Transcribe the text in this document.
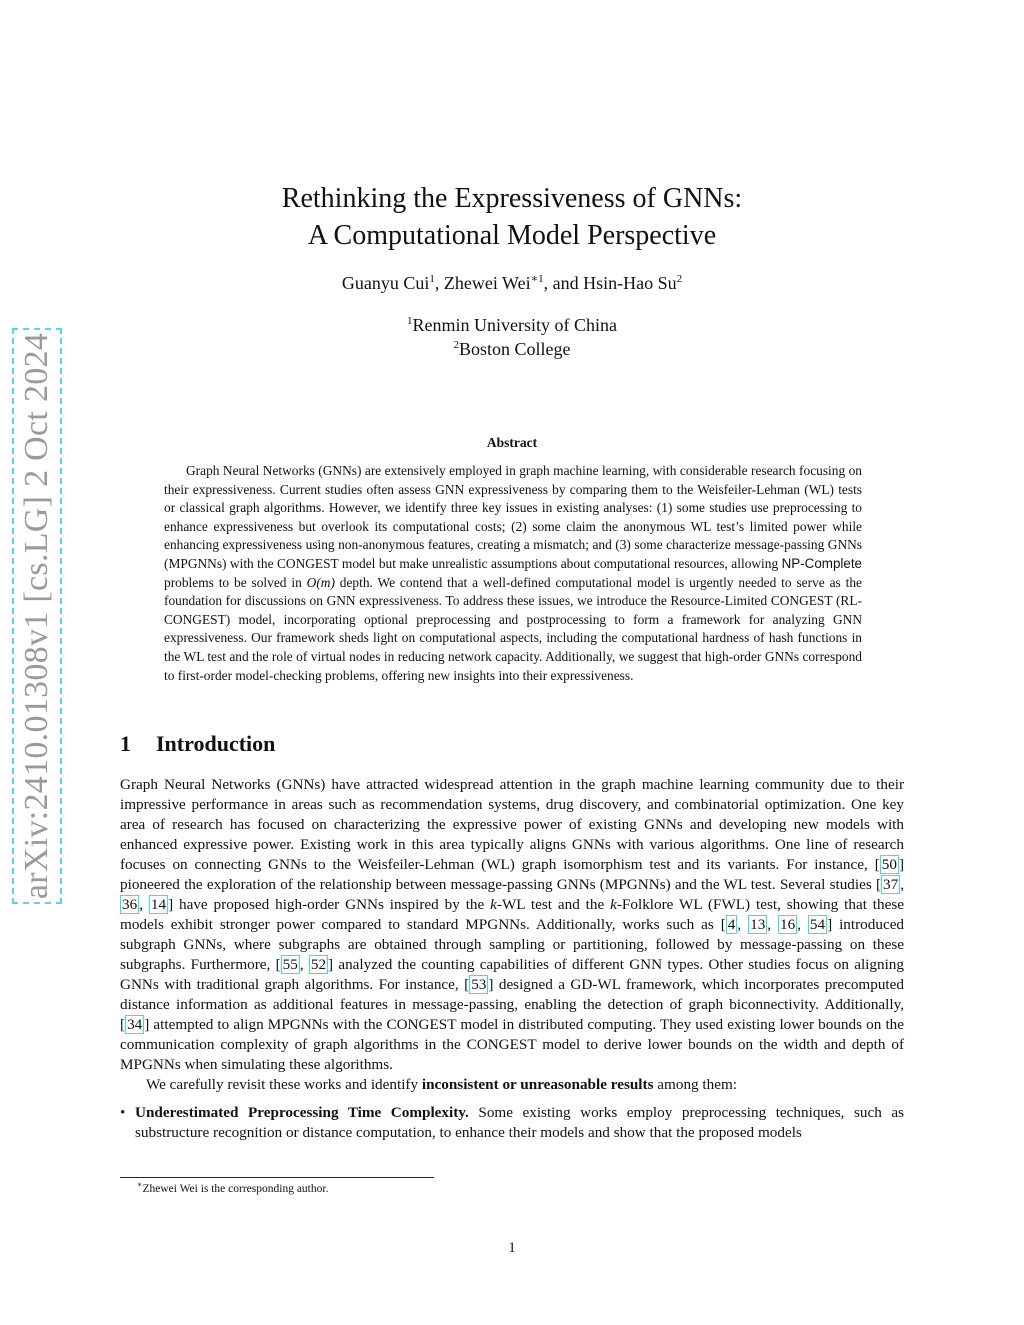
arXiv:2410.01308v1 [cs.LG] 2 Oct 2024
Rethinking the Expressiveness of GNNs:
A Computational Model Perspective
Guanyu Cui$^1$, Zhewei Wei$^{∗1}$, and Hsin-Hao Su$^2$
$^1$Renmin University of China
$^2$Boston College
Abstract

Graph Neural Networks (GNNs) are extensively employed in graph machine learning, with considerable research focusing on their expressiveness. Current studies often assess GNN expressiveness by comparing them to the Weisfeiler-Lehman (WL) tests or classical graph algorithms. However, we identify three key issues in existing analyses: (1) some studies use preprocessing to enhance expressiveness but overlook its computational costs; (2) some claim the anonymous WL test’s limited power while enhancing expressiveness using non-anonymous features, creating a mismatch; and (3) some characterize message-passing GNNs (MPGNNs) with the CONGEST model but make unrealistic assumptions about computational resources, allowing NP-Complete problems to be solved in O(m) depth. We contend that a well-defined computational model is urgently needed to serve as the foundation for discussions on GNN expressiveness. To address these issues, we introduce the Resource-Limited CONGEST (RL-CONGEST) model, incorporating optional preprocessing and postprocessing to form a framework for analyzing GNN expressiveness. Our framework sheds light on computational aspects, including the computational hardness of hash functions in the WL test and the role of virtual nodes in reducing network capacity. Additionally, we suggest that high-order GNNs correspond to first-order model-checking problems, offering new insights into their expressiveness.

1 Introduction

Graph Neural Networks (GNNs) have attracted widespread attention in the graph machine learning community due to their impressive performance in areas such as recommendation systems, drug discovery, and combinatorial optimization. One key area of research has focused on characterizing the expressive power of existing GNNs and developing new models with enhanced expressive power. Existing work in this area typically aligns GNNs with various algorithms. One line of research focuses on connecting GNNs to the Weisfeiler-Lehman (WL) graph isomorphism test and its variants. For instance, [ 50 ] pioneered the exploration of the relationship between message-passing GNNs (MPGNNs) and the WL test. Several studies [ 37 , 36 , 14 ] have proposed high-order GNNs inspired by the k-WL test and the k-Folklore WL (FWL) test, showing that these models exhibit stronger power compared to standard MPGNNs. Additionally, works such as [ 4 , 13 , 16 , 54 ] introduced subgraph GNNs, where subgraphs are obtained through sampling or partitioning, followed by message-passing on these subgraphs. Furthermore, [ 55 , 52 ] analyzed the counting capabilities of different GNN types. Other studies focus on aligning GNNs with traditional graph algorithms. For instance, [ 53 ] designed a GD-WL framework, which incorporates precomputed distance information as additional features in message-passing, enabling the detection of graph biconnectivity. Additionally, [ 34 ] attempted to align MPGNNs with the CONGEST model in distributed computing. They used existing lower bounds on the communication complexity of graph algorithms in the CONGEST model to derive lower bounds on the width and depth of MPGNNs when simulating these algorithms.

We carefully revisit these works and identify inconsistent or unreasonable results among them:

• Underestimated Preprocessing Time Complexity. Some existing works employ preprocessing techniques, such as substructure recognition or distance computation, to enhance their models and show that the proposed models
∗Zhewei Wei is the corresponding author.
1
